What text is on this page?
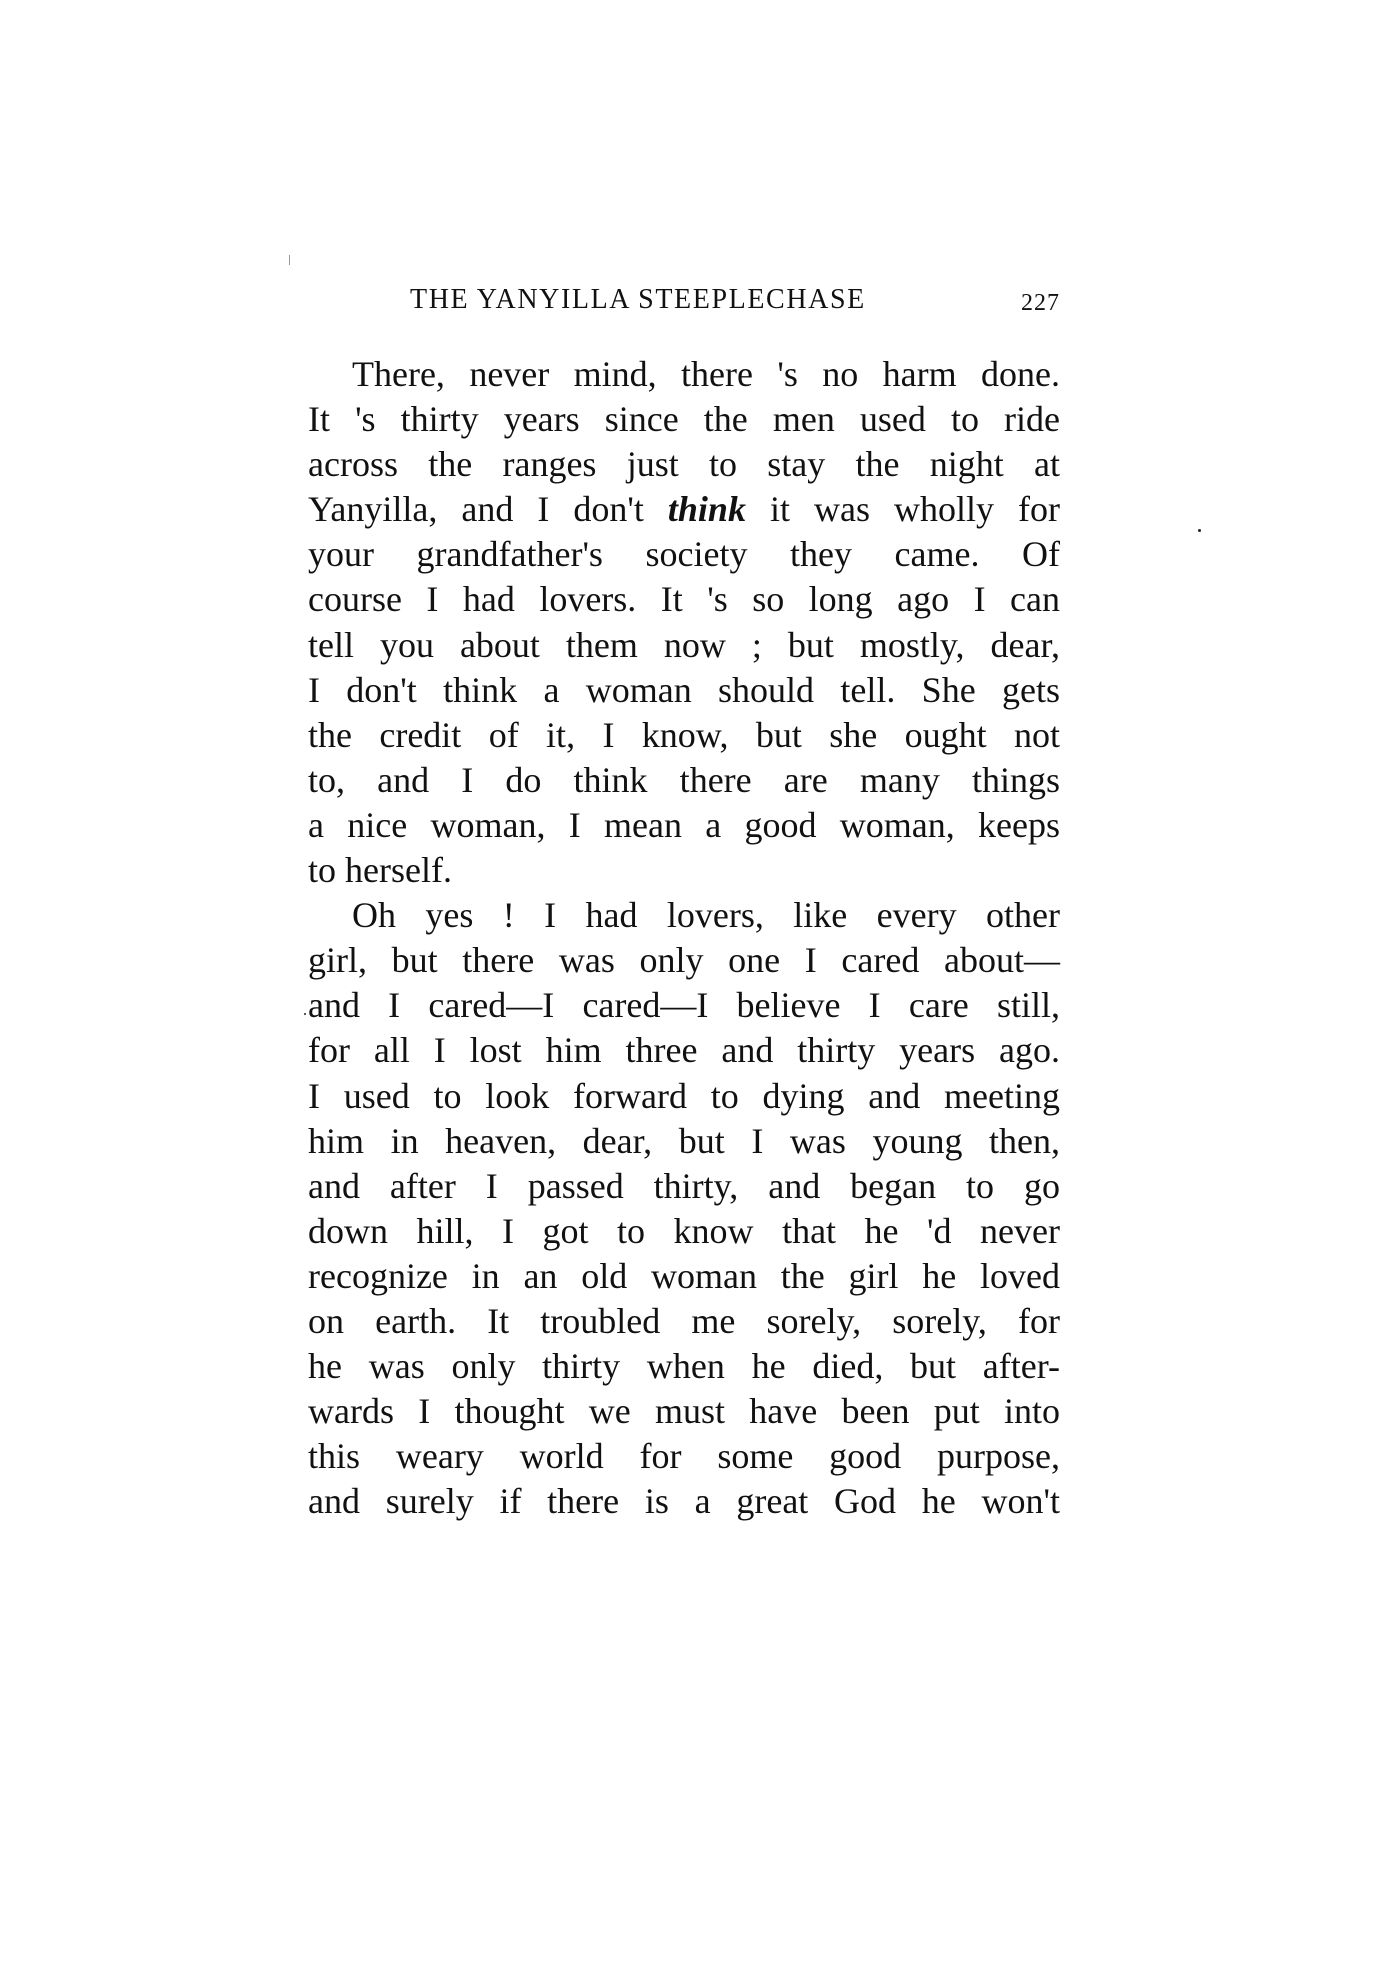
THE YANYILLA STEEPLECHASE	227
There, never mind, there 's no harm done.
It 's thirty years since the men used to ride
across the ranges just to stay the night at
Yanyilla, and I don't think it was wholly for
your grandfather's society they came. Of
course I had lovers. It 's so long ago I can
tell you about them now ; but mostly, dear,
I don't think a woman should tell. She gets
the credit of it, I know, but she ought not
to, and I do think there are many things
a nice woman, I mean a good woman, keeps
to herself.
Oh yes ! I had lovers, like every other
girl, but there was only one I cared about—
and I cared—I cared—I believe I care still,
for all I lost him three and thirty years ago.
I used to look forward to dying and meeting
him in heaven, dear, but I was young then,
and after I passed thirty, and began to go
down hill, I got to know that he 'd never
recognize in an old woman the girl he loved
on earth. It troubled me sorely, sorely, for
he was only thirty when he died, but after-
wards I thought we must have been put into
this weary world for some good purpose,
and surely if there is a great God he won't
